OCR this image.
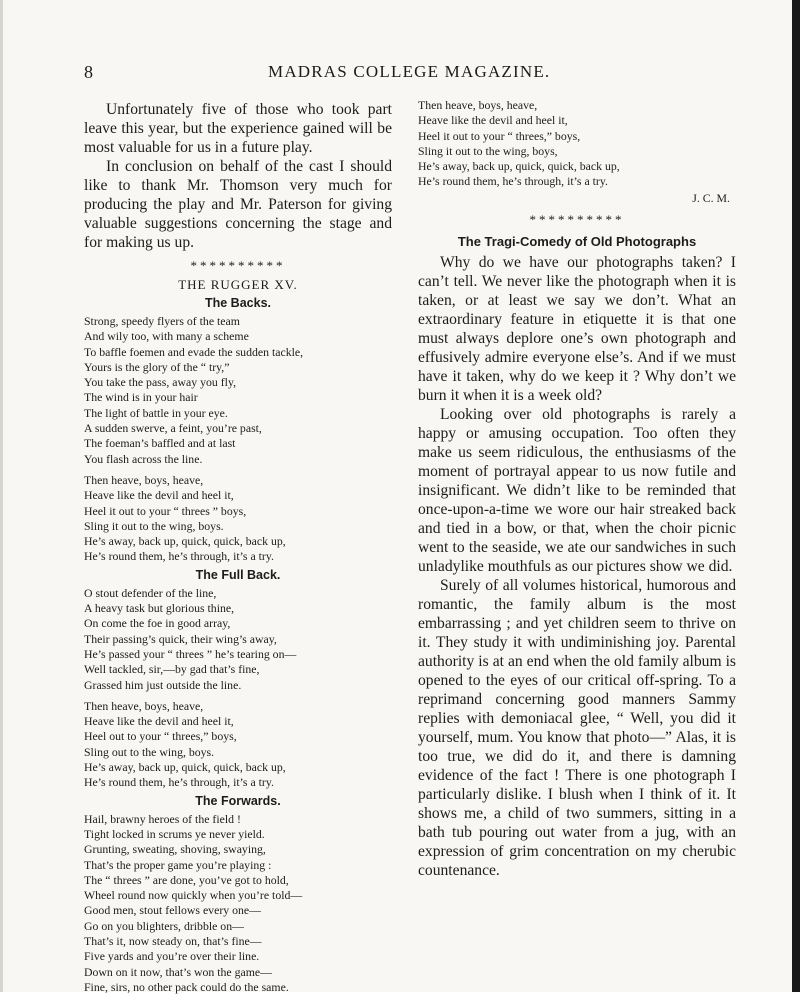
8	MADRAS COLLEGE MAGAZINE.

Unfortunately five of those who took part leave this year, but the experience gained will be most valuable for us in a future play.

In conclusion on behalf of the cast I should like to thank Mr. Thomson very much for producing the play and Mr. Paterson for giving valuable suggestions concerning the stage and for making us up.

**********
THE RUGGER XV.
The Backs.
Strong, speedy flyers of the team
And wily too, with many a scheme
To baffle foemen and evade the sudden tackle,
Yours is the glory of the “ try,”
You take the pass, away you fly,
The wind is in your hair
The light of battle in your eye.
A sudden swerve, a feint, you’re past,
The foeman’s baffled and at last
You flash across the line.
Then heave, boys, heave,
Heave like the devil and heel it,
Heel it out to your “ threes ” boys,
Sling it out to the wing, boys.
He’s away, back up, quick, quick, back up,
He’s round them, he’s through, it’s a try.
The Full Back.
O stout defender of the line,
A heavy task but glorious thine,
On come the foe in good array,
Their passing’s quick, their wing’s away,
He’s passed your “ threes ” he’s tearing on—
Well tackled, sir,—by gad that’s fine,
Grassed him just outside the line.
Then heave, boys, heave,
Heave like the devil and heel it,
Heel out to your “ threes,” boys,
Sling out to the wing, boys.
He’s away, back up, quick, quick, back up,
He’s round them, he’s through, it’s a try.
The Forwards.
Hail, brawny heroes of the field !
Tight locked in scrums ye never yield.
Grunting, sweating, shoving, swaying,
That’s the proper game you’re playing :
The “ threes ” are done, you’ve got to hold,
Wheel round now quickly when you’re told—
Good men, stout fellows every one—
Go on you blighters, dribble on—
That’s it, now steady on, that’s fine—
Five yards and you’re over their line.
Down on it now, that’s won the game—
Fine, sirs, no other pack could do the same.
Then heave, boys, heave,
Heave like the devil and heel it,
Heel it out to your “ threes,” boys,
Sling it out to the wing, boys,
He’s away, back up, quick, quick, back up,
He’s round them, he’s through, it’s a try.
J. C. M.
**********
The Tragi-Comedy of Old Photographs

Why do we have our photographs taken? I can’t tell. We never like the photograph when it is taken, or at least we say we don’t. What an extraordinary feature in etiquette it is that one must always deplore one’s own photograph and effusively admire everyone else’s. And if we must have it taken, why do we keep it ? Why don’t we burn it when it is a week old?

Looking over old photographs is rarely a happy or amusing occupation. Too often they make us seem ridiculous, the enthusiasms of the moment of portrayal appear to us now futile and insignificant. We didn’t like to be reminded that once-upon-a-time we wore our hair streaked back and tied in a bow, or that, when the choir picnic went to the seaside, we ate our sandwiches in such unladylike mouthfuls as our pictures show we did.

Surely of all volumes historical, humorous and romantic, the family album is the most embarrassing ; and yet children seem to thrive on it. They study it with undiminishing joy. Parental authority is at an end when the old family album is opened to the eyes of our critical off-spring. To a reprimand concerning good manners Sammy replies with demoniacal glee, “ Well, you did it yourself, mum. You know that photo—” Alas, it is too true, we did do it, and there is damning evidence of the fact ! There is one photograph I particularly dislike. I blush when I think of it. It shows me, a child of two summers, sitting in a bath tub pouring out water from a jug, with an expression of grim concentration on my cherubic countenance.
